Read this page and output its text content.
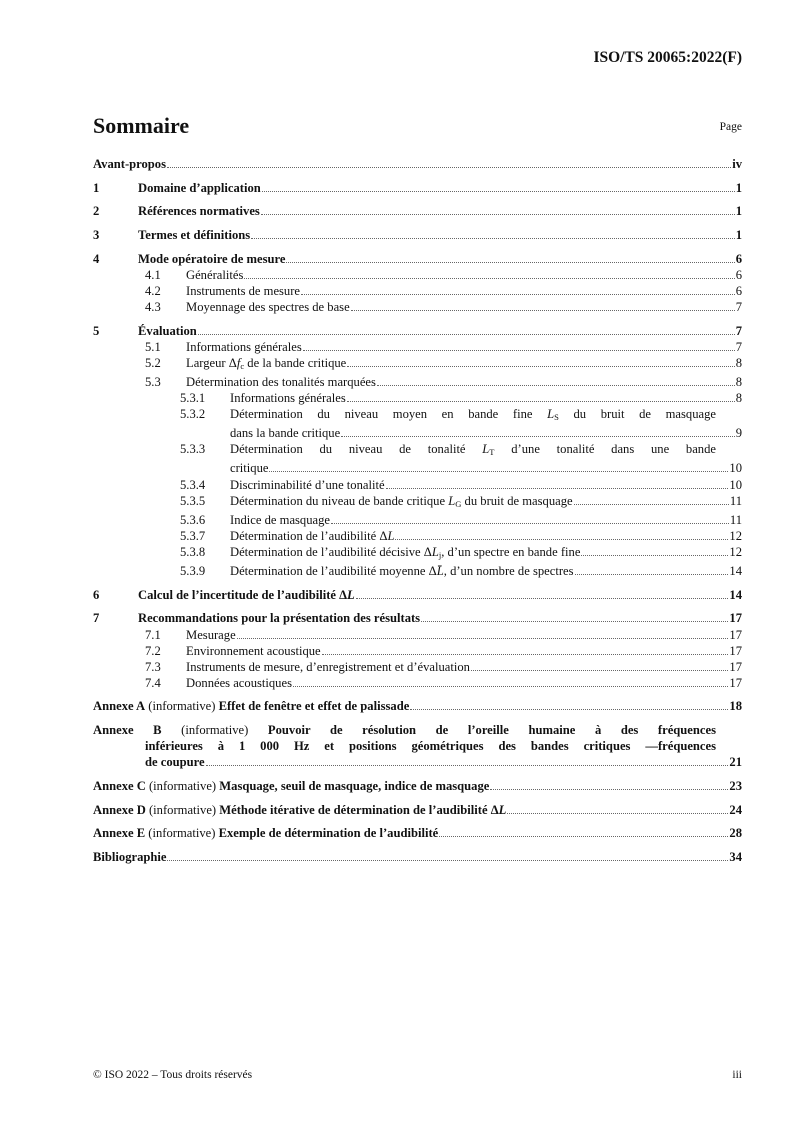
ISO/TS 20065:2022(F)
Sommaire	Page
Avant-propos	iv
1	Domaine d’application	1
2	Références normatives	1
3	Termes et définitions	1
4	Mode opératoire de mesure	6
4.1 Généralités	6
4.2 Instruments de mesure	6
4.3 Moyennage des spectres de base	7
5	Évaluation	7
5.1 Informations générales	7
5.2 Largeur $\Delta f_c$ de la bande critique	8
5.3 Détermination des tonalités marquées	8
5.3.1 Informations générales	8
5.3.2	Détermination du niveau moyen en bande fine $L_S$ du bruit de masquage
dans la bande critique	9
5.3.3	Détermination du niveau de tonalité $L_T$ d’une tonalité dans une bande
critique	10
5.3.4 Discriminabilité d’une tonalité	10
5.3.5 Détermination du niveau de bande critique $L_G$ du bruit de masquage	11
5.3.6 Indice de masquage	11
5.3.7 Détermination de l’audibilité ΔL	12
5.3.8 Détermination de l’audibilité décisive $\Delta L_j$, d’un spectre en bande fine	12
5.3.9 Détermination de l’audibilité moyenne ΔL̄, d’un nombre de spectres	14
6	Calcul de l’incertitude de l’audibilité ΔL	14
7	Recommandations pour la présentation des résultats	17
7.1 Mesurage	17
7.2 Environnement acoustique	17
7.3 Instruments de mesure, d’enregistrement et d’évaluation	17
7.4 Données acoustiques	17
Annexe A (informative) Effet de fenêtre et effet de palissade	18
Annexe B (informative) Pouvoir de résolution de l’oreille humaine à des fréquences
inférieures à 1 000 Hz et positions géométriques des bandes critiques —fréquences
de coupure	21
Annexe C (informative) Masquage, seuil de masquage, indice de masquage	23
Annexe D (informative) Méthode itérative de détermination de l’audibilité ΔL	24
Annexe E (informative) Exemple de détermination de l’audibilité	28
Bibliographie	34
© ISO 2022 – Tous droits réservés	iii
